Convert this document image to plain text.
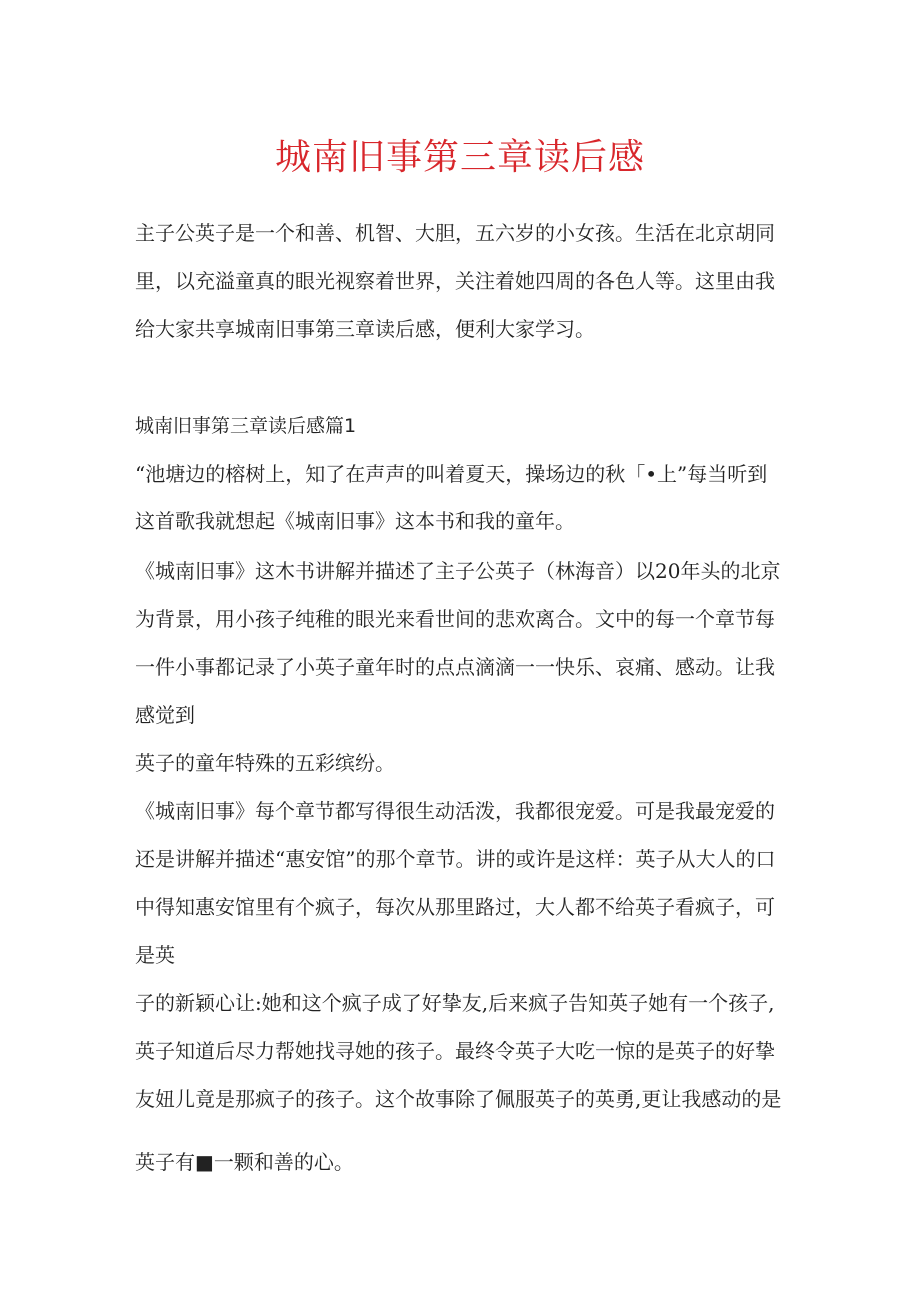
城南旧事第三章读后感

主子公英子是一个和善、机智、大胆，五六岁的小女孩。生活在北京胡同

里，以充溢童真的眼光视察着世界，关注着她四周的各色人等。这里由我

给大家共享城南旧事第三章读后感，便利大家学习。

城南旧事第三章读后感篇1

“池塘边的榕树上，知了在声声的叫着夏天，操场边的秋「•上”每当听到

这首歌我就想起《城南旧事》这本书和我的童年。

《城南旧事》这木书讲解并描述了主子公英子（林海音）以20年头的北京

为背景，用小孩子纯稚的眼光来看世间的悲欢离合。文中的每一个章节每

一件小事都记录了小英子童年时的点点滴滴一一快乐、哀痛、感动。让我

感觉到

英子的童年特殊的五彩缤纷。

《城南旧事》每个章节都写得很生动活泼，我都很宠爱。可是我最宠爱的

还是讲解并描述“惠安馆”的那个章节。讲的或许是这样：英子从大人的口

中得知惠安馆里有个疯子，每次从那里路过，大人都不给英子看疯子，可

是英

子的新颖心让:她和这个疯子成了好挚友,后来疯子告知英子她有一个孩子,

英子知道后尽力帮她找寻她的孩子。最终令英子大吃一惊的是英子的好挚

友妞儿竟是那疯子的孩子。这个故事除了佩服英子的英勇,更让我感动的是

英子有■一颗和善的心。
